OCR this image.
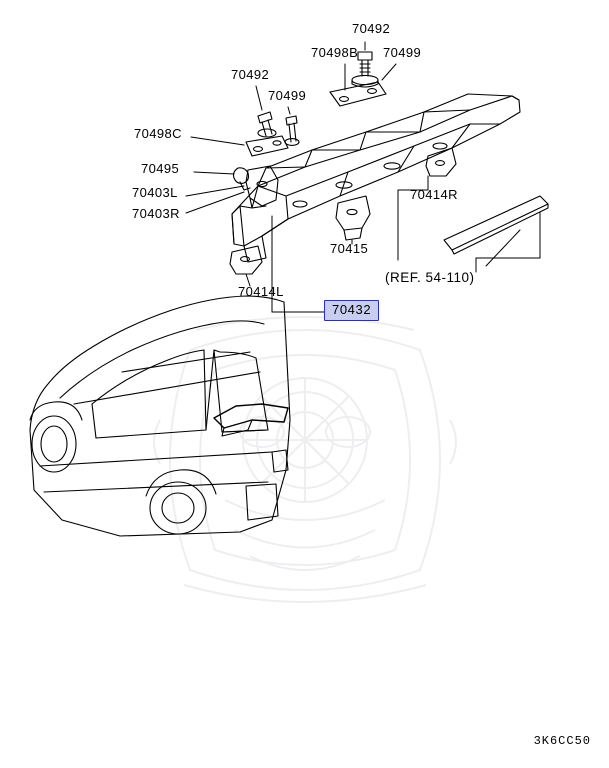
70492
70498B 70499
70492
70499
70498C
70495
70403L
70403R
70414R
70415
70414L
(REF. 54-110)
70432
3K6CC50
